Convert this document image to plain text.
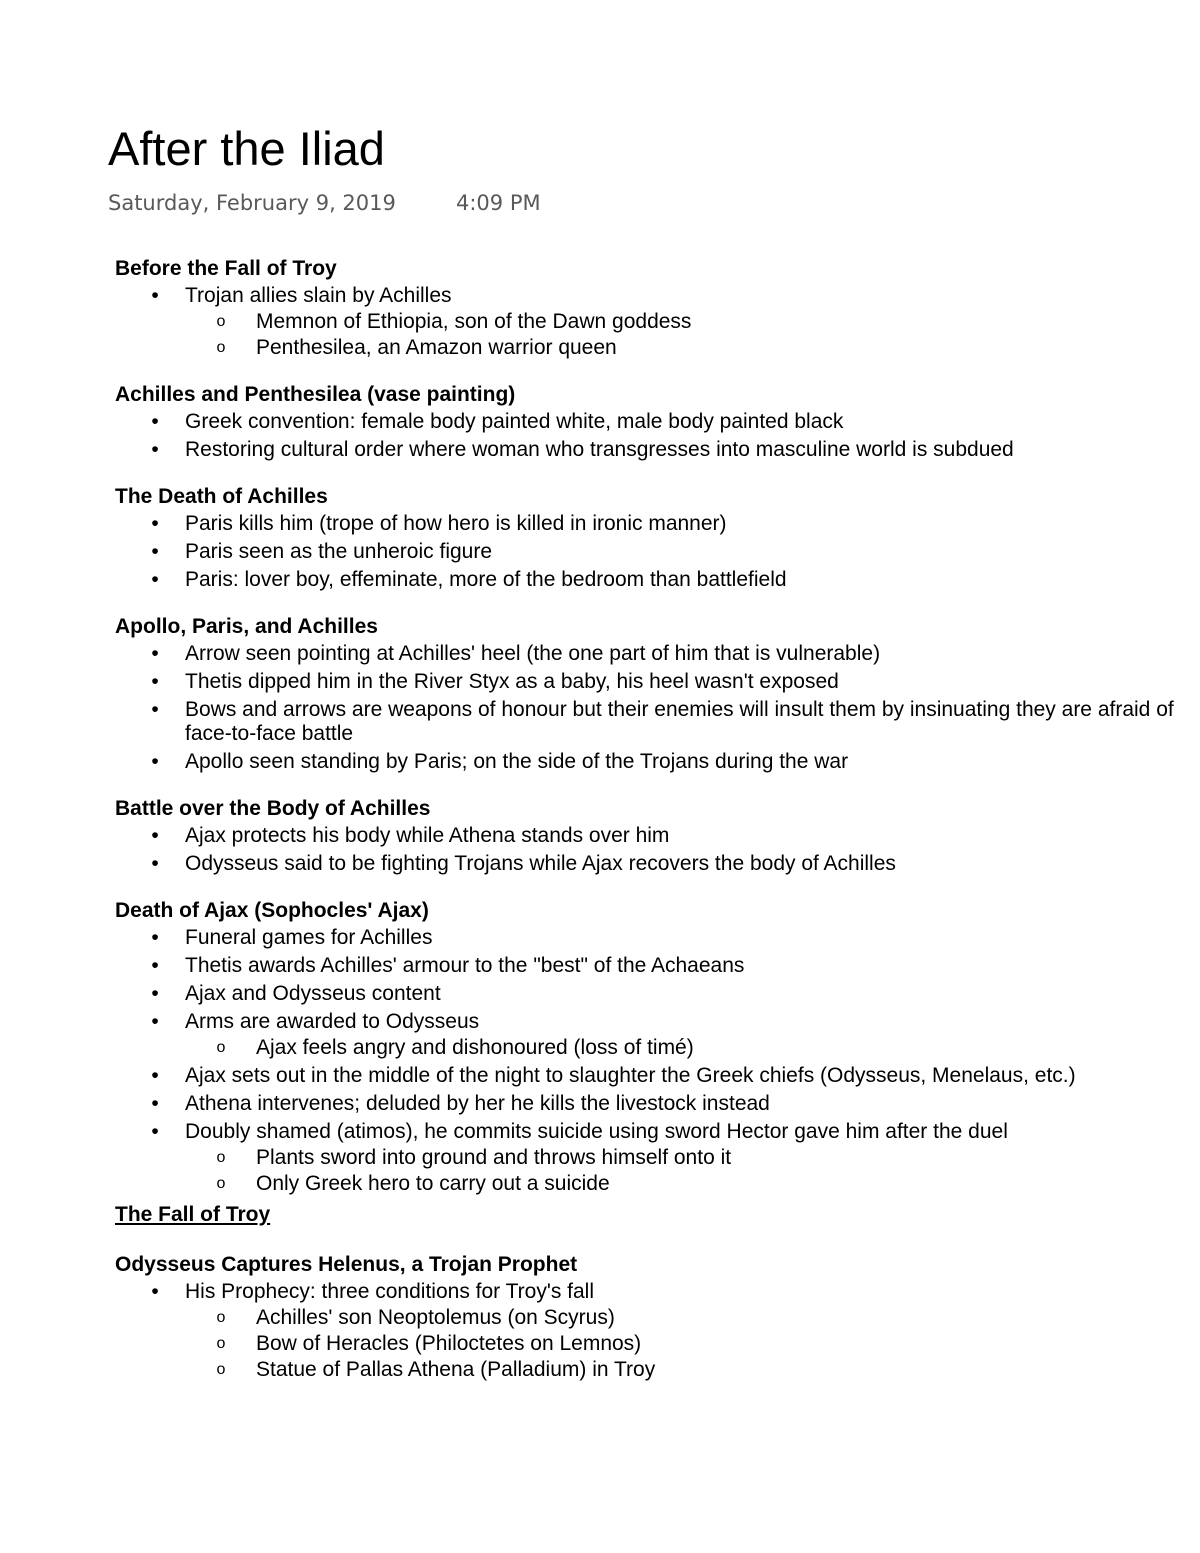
After the Iliad
Saturday, February 9, 2019	4:09 PM
Before the Fall of Troy
•	Trojan allies slain by Achilles
o Memnon of Ethiopia, son of the Dawn goddess
o Penthesilea, an Amazon warrior queen
Achilles and Penthesilea (vase painting)
•	Greek convention: female body painted white, male body painted black
•	Restoring cultural order where woman who transgresses into masculine world is subdued
The Death of Achilles
•	Paris kills him (trope of how hero is killed in ironic manner)
•	Paris seen as the unheroic figure
•	Paris: lover boy, effeminate, more of the bedroom than battlefield
Apollo, Paris, and Achilles
•	Arrow seen pointing at Achilles' heel (the one part of him that is vulnerable)
•	Thetis dipped him in the River Styx as a baby, his heel wasn't exposed
•	Bows and arrows are weapons of honour but their enemies will insult them by insinuating they are afraid of face-to-face battle
•	Apollo seen standing by Paris; on the side of the Trojans during the war
Battle over the Body of Achilles
•	Ajax protects his body while Athena stands over him
•	Odysseus said to be fighting Trojans while Ajax recovers the body of Achilles
Death of Ajax (Sophocles' Ajax)
•	Funeral games for Achilles
•	Thetis awards Achilles' armour to the "best" of the Achaeans
•	Ajax and Odysseus content
•	Arms are awarded to Odysseus
o Ajax feels angry and dishonoured (loss of timé)
•	Ajax sets out in the middle of the night to slaughter the Greek chiefs (Odysseus, Menelaus, etc.)
•	Athena intervenes; deluded by her he kills the livestock instead
•	Doubly shamed (atimos), he commits suicide using sword Hector gave him after the duel
o Plants sword into ground and throws himself onto it
o Only Greek hero to carry out a suicide
The Fall of Troy
Odysseus Captures Helenus, a Trojan Prophet
•	His Prophecy: three conditions for Troy's fall
o Achilles' son Neoptolemus (on Scyrus)
o Bow of Heracles (Philoctetes on Lemnos)
o Statue of Pallas Athena (Palladium) in Troy
